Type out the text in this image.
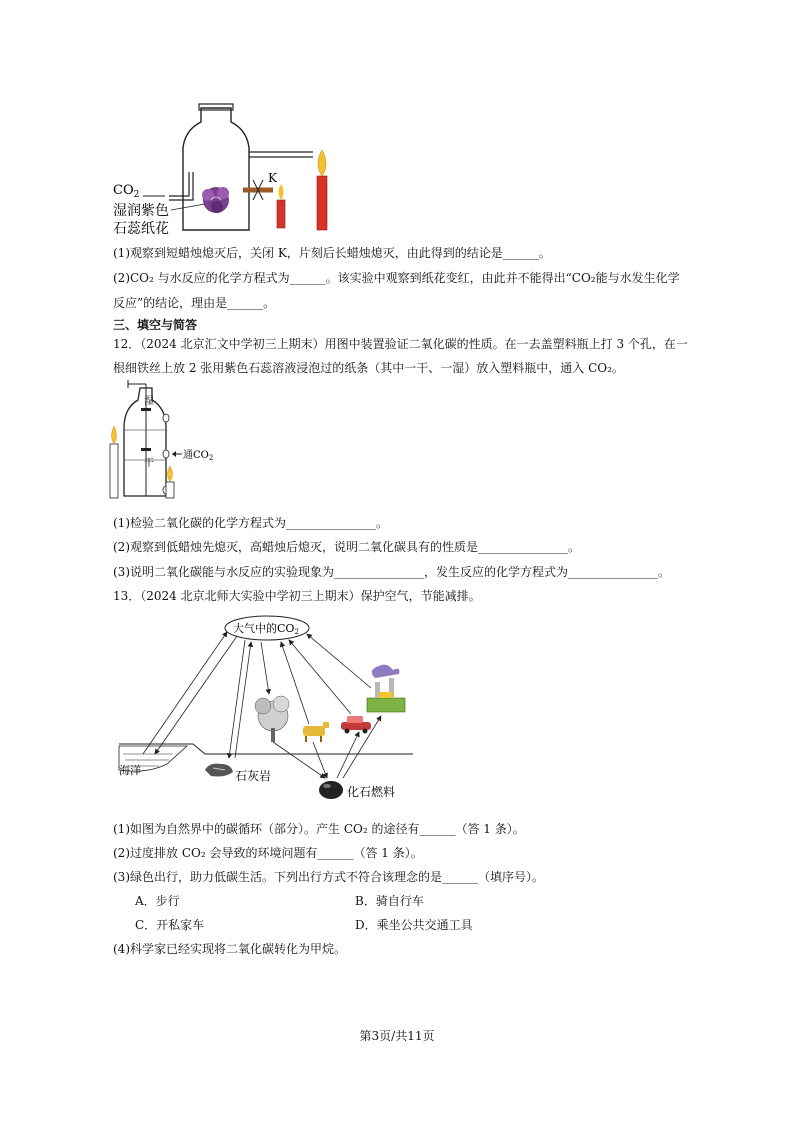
K
$CO_2$
湿润紫色
石蕊纸花
(1)观察到短蜡烛熄灭后，关闭 K，片刻后长蜡烛熄灭，由此得到的结论是______。
(2)CO₂ 与水反应的化学方程式为______。该实验中观察到纸花变红，由此并不能得出“CO₂能与水发生化学
反应”的结论，理由是______。
三、填空与简答
12．（2024 北京汇文中学初三上期末）用图中装置验证二氧化碳的性质。在一去盖塑料瓶上打 3 个孔，在一
根细铁丝上放 2 张用紫色石蕊溶液浸泡过的纸条（其中一干、一湿）放入塑料瓶中，通入 CO₂。
湿
干
通$CO_2$
(1)检验二氧化碳的化学方程式为_______________。
(2)观察到低蜡烛先熄灭，高蜡烛后熄灭，说明二氧化碳具有的性质是_______________。
(3)说明二氧化碳能与水反应的实验现象为_______________，发生反应的化学方程式为_______________。
13．（2024 北京北师大实验中学初三上期末）保护空气，节能减排。
大气中的CO2
海洋	石灰岩
化石燃料
(1)如图为自然界中的碳循环（部分）。产生 CO₂ 的途径有______（答 1 条）。
(2)过度排放 CO₂ 会导致的环境问题有______（答 1 条）。
(3)绿色出行，助力低碳生活。下列出行方式不符合该理念的是______（填序号）。
A．步行	B．骑自行车
C．开私家车	D．乘坐公共交通工具
(4)科学家已经实现将二氧化碳转化为甲烷。
第3页/共11页
